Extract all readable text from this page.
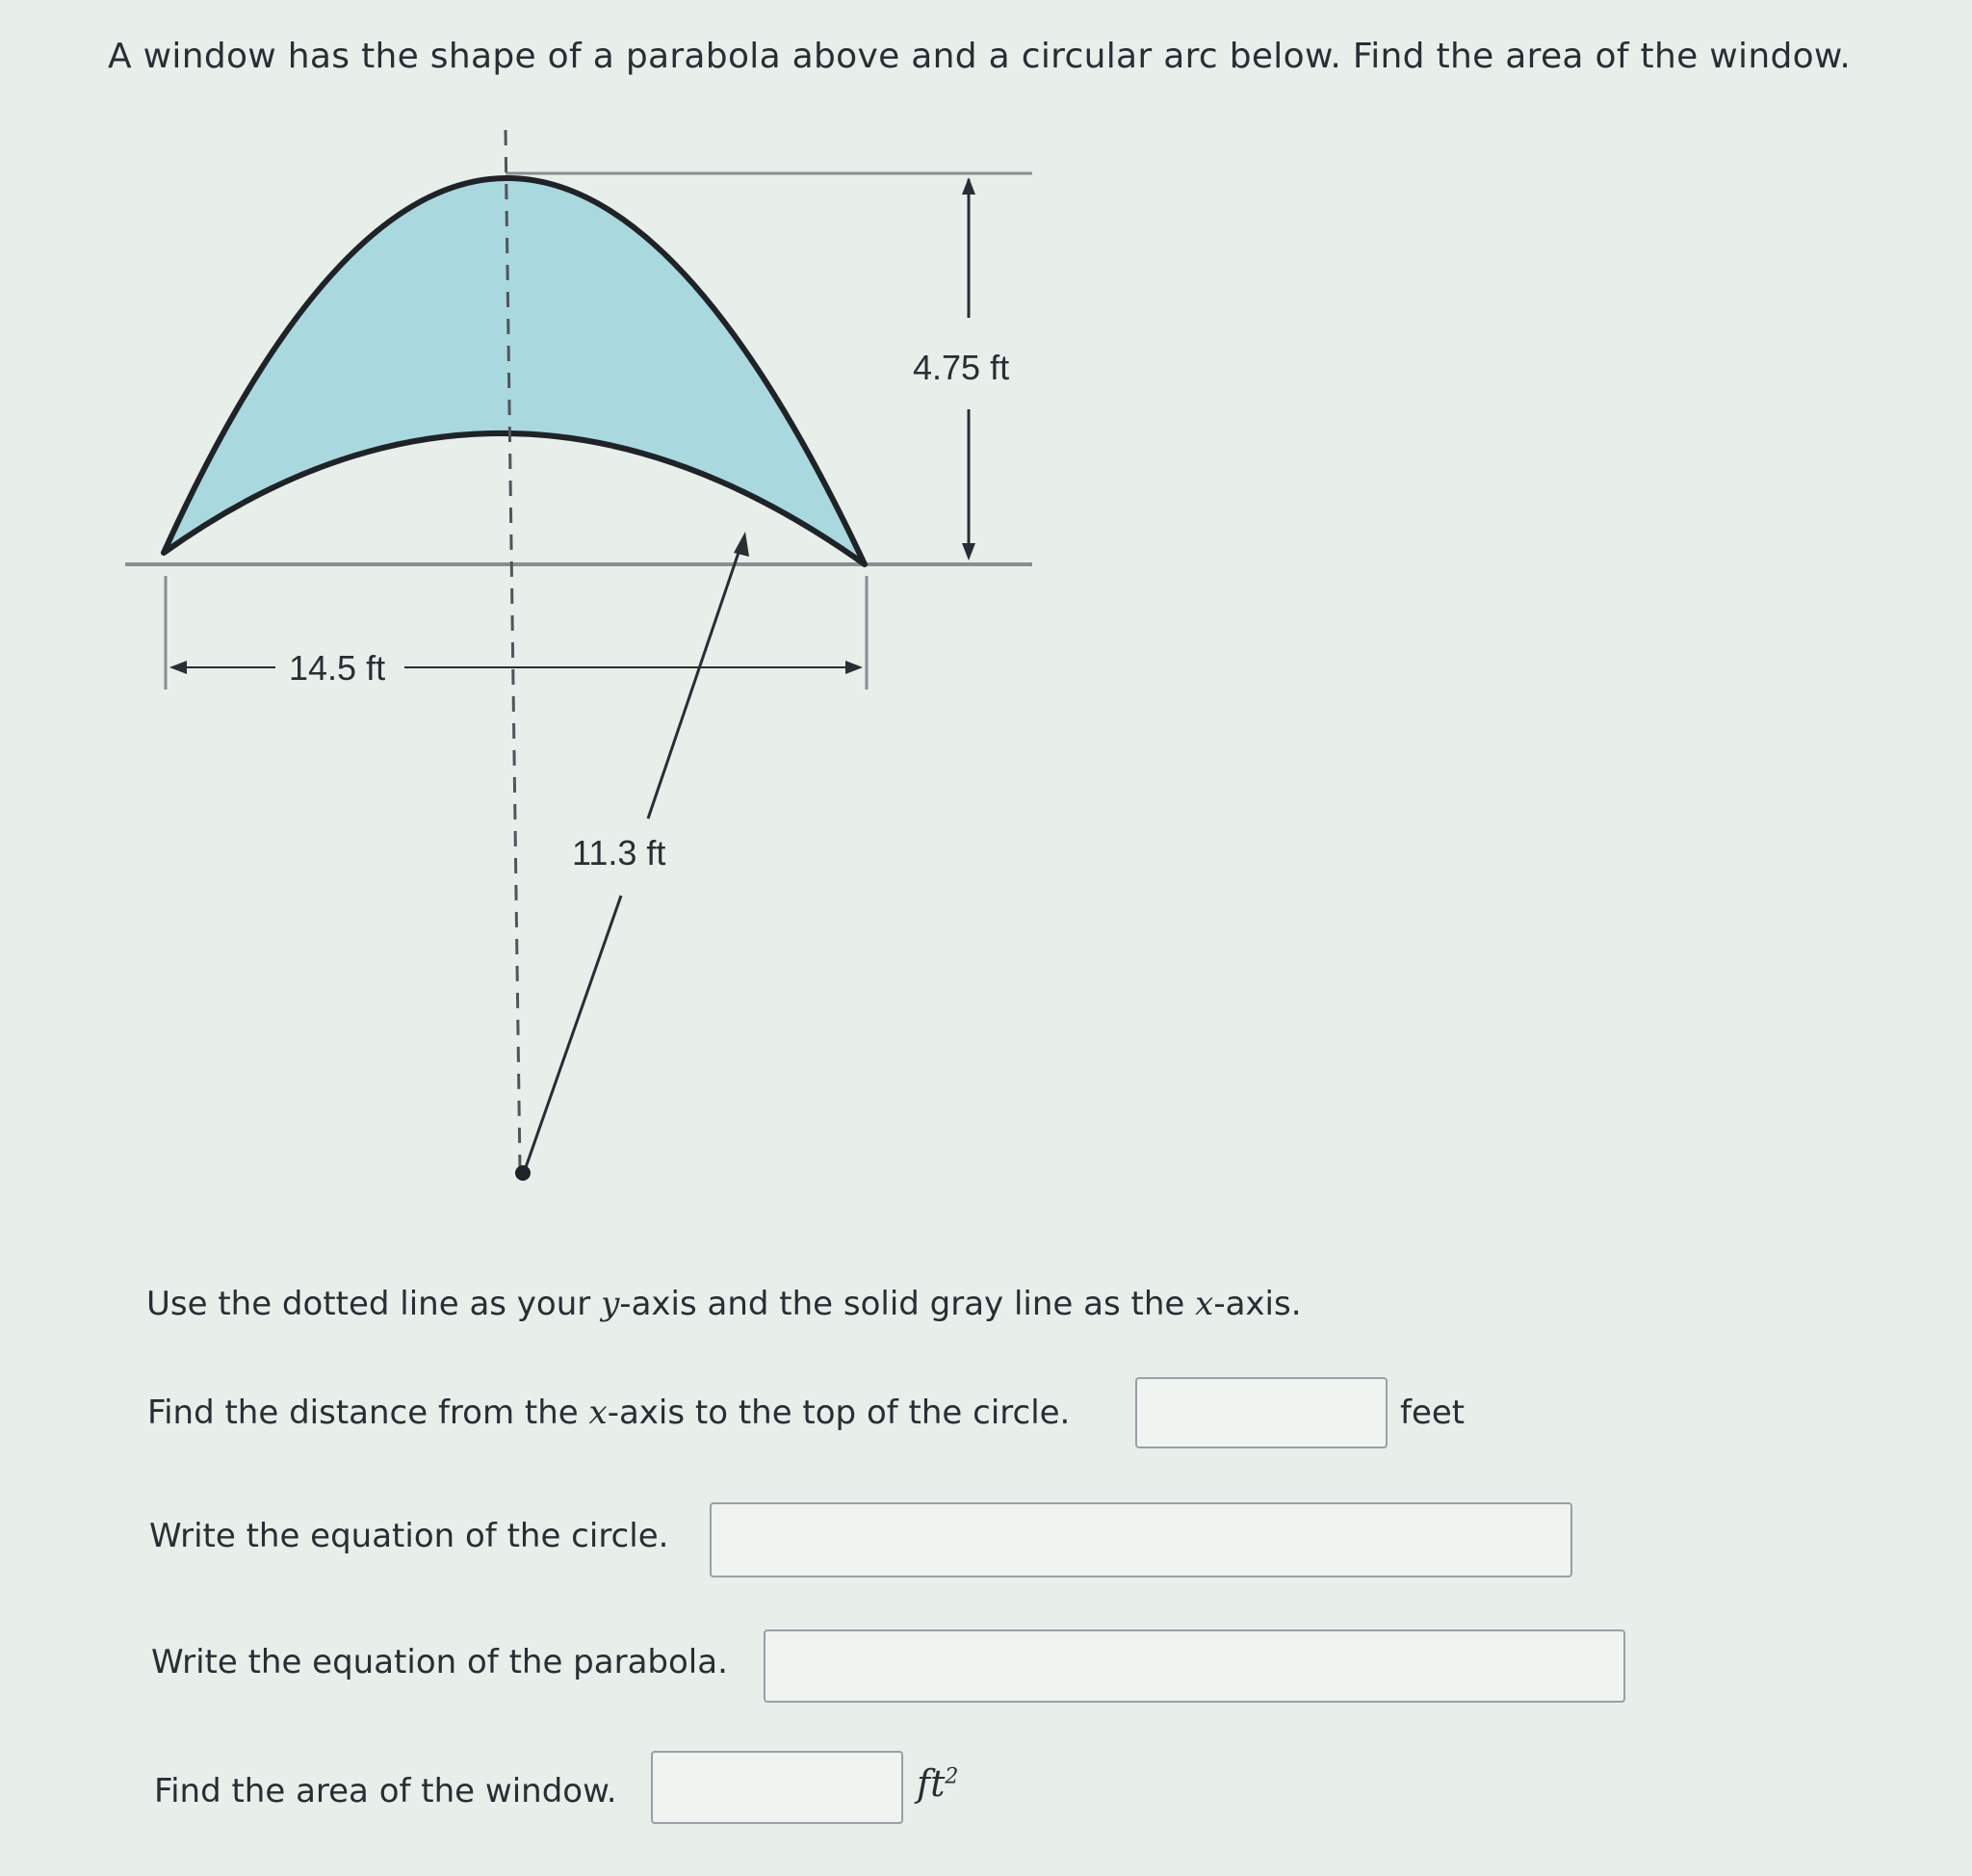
A window has the shape of a parabola above and a circular arc below. Find the area of the window.
4.75 ft
14.5 ft
11.3 ft
Use the dotted line as your y-axis and the solid gray line as the x-axis.
Find the distance from the x-axis to the top of the circle.	feet
Write the equation of the circle.
Write the equation of the parabola.
Find the area of the window.	$ft^2$
